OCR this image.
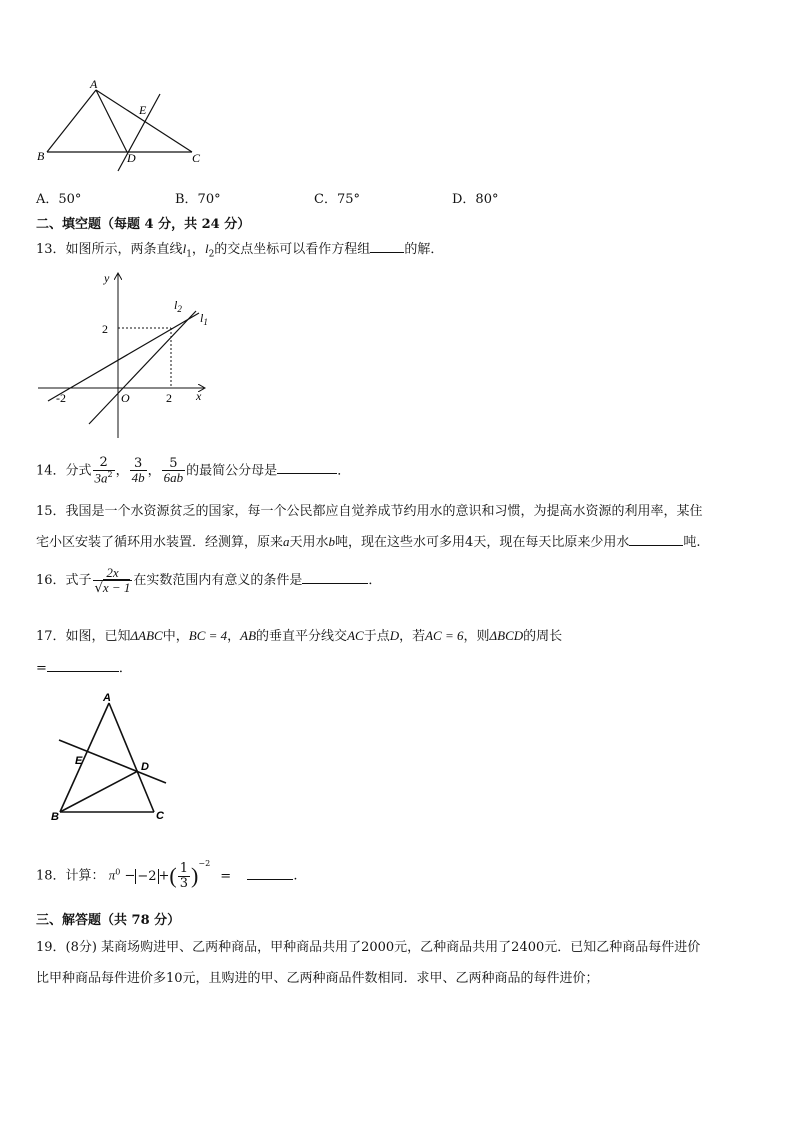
A
E
B	D	C
A．50°	B．70°	C．75°	D．80°
二、填空题（每题 4 分，共 24 分）
13．如图所示，两条直线$l_1$，$l_2$的交点坐标可以看作方程组	的解．
y
x
$l_2$
$l_1$
2
-2	O	2
14．分式 $\frac{2}{3a^2}$ ， $\frac{3}{4b}$ ， $\frac{5}{6ab}$ 的最简公分母是	．
15．我国是一个水资源贫乏的国家，每一个公民都应自觉养成节约用水的意识和习惯，为提高水资源的利用率，某住
宅小区安装了循环用水装置．经测算，原来a天用水b吨，现在这些水可多用4天，现在每天比原来少用水	吨.
16．式子 $\frac{2x}{√x - 1}$ 在实数范围内有意义的条件是	．
17．如图，已知ΔABC中，BC = 4，AB的垂直平分线交AC于点D，若AC = 6，则ΔBCD的周长
=	．
A
E	D
B	C
18．计算： $\pi^0 - -2$ +( $\frac{1}{3} )^{-2}$ =	.
三、解答题（共 78 分）
19．(8分) 某商场购进甲、乙两种商品，甲种商品共用了2000元，乙种商品共用了2400元．已知乙种商品每件进价
比甲种商品每件进价多10元，且购进的甲、乙两种商品件数相同．求甲、乙两种商品的每件进价；
